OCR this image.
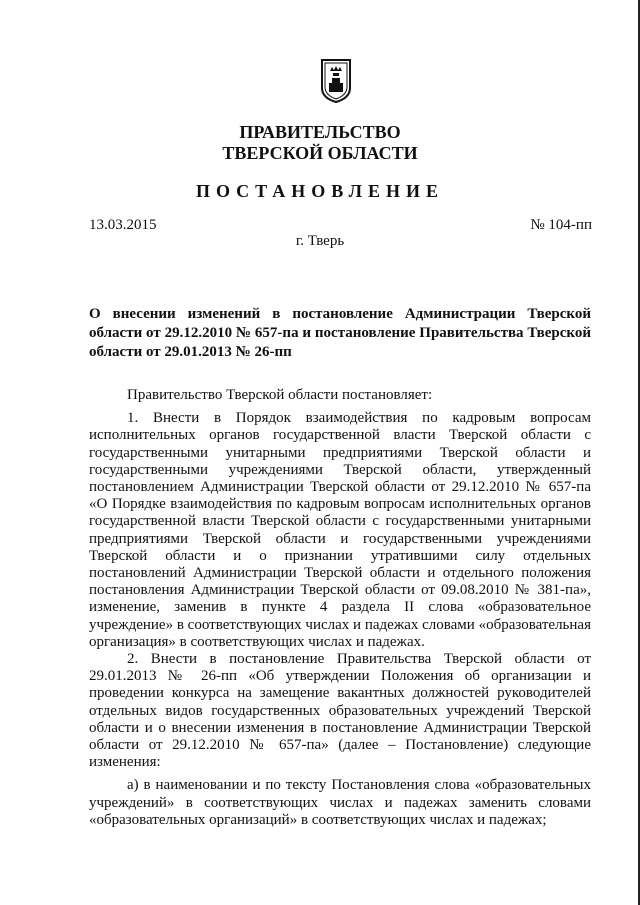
ПРАВИТЕЛЬСТВО
ТВЕРСКОЙ ОБЛАСТИ
ПОСТАНОВЛЕНИЕ
13.03.2015	№ 104-пп
г. Тверь
О внесении изменений в постановление Администрации Тверской области от 29.12.2010 № 657-па и постановление Правительства Тверской области от 29.01.2013 № 26-пп

Правительство Тверской области постановляет:

1. Внести в Порядок взаимодействия по кадровым вопросам исполнительных органов государственной власти Тверской области с государственными унитарными предприятиями Тверской области и государственными учреждениями Тверской области, утвержденный постановлением Администрации Тверской области от 29.12.2010 № 657-па «О Порядке взаимодействия по кадровым вопросам исполнительных органов государственной власти Тверской области с государственными унитарными предприятиями Тверской области и государственными учреждениями Тверской области и о признании утратившими силу отдельных постановлений Администрации Тверской области и отдельного положения постановления Администрации Тверской области от 09.08.2010 № 381-па», изменение, заменив в пункте 4 раздела II слова «образовательное учреждение» в соответствующих числах и падежах словами «образовательная организация» в соответствующих числах и падежах.

2. Внести в постановление Правительства Тверской области от 29.01.2013 № 26-пп «Об утверждении Положения об организации и проведении конкурса на замещение вакантных должностей руководителей отдельных видов государственных образовательных учреждений Тверской области и о внесении изменения в постановление Администрации Тверской области от 29.12.2010 № 657-па» (далее – Постановление) следующие изменения:

а) в наименовании и по тексту Постановления слова «образовательных учреждений» в соответствующих числах и падежах заменить словами «образовательных организаций» в соответствующих числах и падежах;
